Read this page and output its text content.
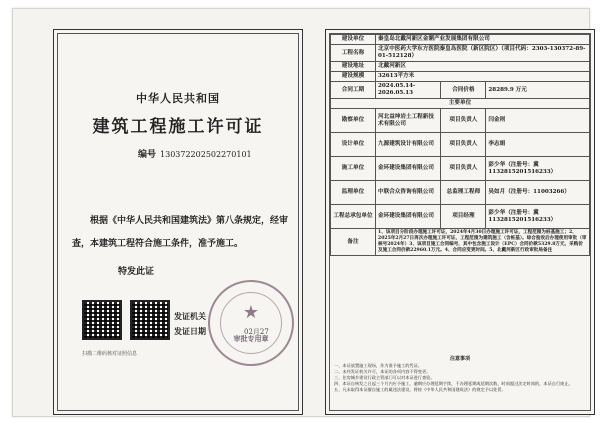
中华人民共和国
建筑工程施工许可证
编号 130372202502270101
根据《中华人民共和国建筑法》第八条规定，经审查，本建筑工程符合施工条件，准予施工。
特发此证
扫描二维码核对证照信息
发证机关
发证日期
★
审批专用章
02月27
建设单位	秦皇岛北戴河新区金潮产业发展集团有限公司		
工程名称	北京中医药大学东方医院秦皇岛医院（新区院区）（项目代码：2303-130372-89-01-512128）		
建设地址	北戴河新区		
建设规模	32613平方米		
合同工期	2024.05.14-2026.05.13	合同价格	28289.9 万元
主要单位			
勘察单位	河北益坤岩土工程新技术有限公司	项目负责人	闫金则
设计单位	九源建筑设计有限公司	项目负责人	李志娟
施工单位	金环建设集团有限公司	项目负责人	彭少华（注册号：冀1132815201516233）
监理单位	中联合众咨询有限公司	总监理工程师	吴如月（注册号：11003266）
工程总承包单位	金环建设集团有限公司	项目经理	彭少华（注册号：冀1132815201516233）
备注	1、该项目分阶段办理施工许可证，2024年4月30日办理施工许可证，工程范围为桩基施工；2、2025年2月27日再次办理施工许可证，工程范围为建筑施工（含桩基）。综合验收后办理使用审批（审核号2024年）3、该项目施工合同编号，其中包含施工设计（EPC）合同价款5329.8万元，采购价及施工合同价款22960.1万元。4、合同应变更时间。5、北戴河新区行政审批局备注		
注意事项
一、本证放置施工现场，作为准予施工的凭证。
二、未经发证机关许可，本证的各项内容不得变更。
三、住房城乡建设行政主管部门可以对本证进行查验。
四、本证自核发之日起三个月内应予施工，逾期应办理延期手续，不办理延期或延期次数、时间超过法定时间的，本证自行废止。
五、凡未取得本证擅自施工的属违法建设，将按《中华人民共和国建筑法》的规定予以处罚。
